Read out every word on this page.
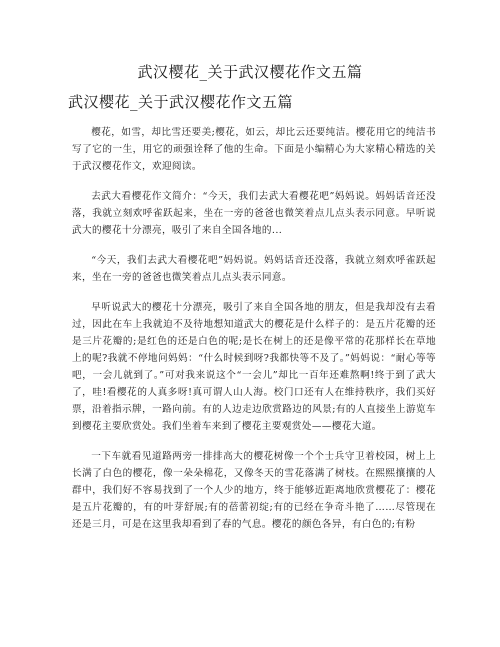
武汉樱花_关于武汉樱花作文五篇
武汉樱花_关于武汉樱花作文五篇

樱花，如雪，却比雪还要美;樱花，如云，却比云还要纯洁。樱花用它的纯洁书写了它的一生，用它的顽强诠释了他的生命。下面是小编精心为大家精心精选的关于武汉樱花作文，欢迎阅读。

去武大看樱花作文简介：“今天，我们去武大看樱花吧”妈妈说。妈妈话音还没落，我就立刻欢呼雀跃起来，坐在一旁的爸爸也微笑着点儿点头表示同意。早听说武大的樱花十分漂亮，吸引了来自全国各地的...

“今天，我们去武大看樱花吧”妈妈说。妈妈话音还没落，我就立刻欢呼雀跃起来，坐在一旁的爸爸也微笑着点儿点头表示同意。

早听说武大的樱花十分漂亮，吸引了来自全国各地的朋友，但是我却没有去看过，因此在车上我就迫不及待地想知道武大的樱花是什么样子的：是五片花瓣的还是三片花瓣的;是红色的还是白色的呢;是长在树上的还是像平常的花那样长在草地上的呢?我就不停地问妈妈：“什么时候到呀?我都快等不及了。”妈妈说：“耐心等等吧，一会儿就到了。”可对我来说这个“一会儿”却比一百年还难熬啊!终于到了武大了，哇!看樱花的人真多呀!真可谓人山人海。校门口还有人在维持秩序，我们买好票，沿着指示牌，一路向前。有的人边走边欣赏路边的风景;有的人直接坐上游览车到樱花主要欣赏处。我们坐着车来到了樱花主要观赏处——樱花大道。

一下车就看见道路两旁一排排高大的樱花树像一个个士兵守卫着校园，树上上长满了白色的樱花，像一朵朵棉花，又像冬天的雪花落满了树枝。在熙熙攘攘的人群中，我们好不容易找到了一个人少的地方，终于能够近距离地欣赏樱花了：樱花是五片花瓣的，有的叶芽舒展;有的蓓蕾初绽;有的已经在争奇斗艳了……尽管现在还是三月，可是在这里我却看到了春的气息。樱花的颜色各异，有白色的;有粉
